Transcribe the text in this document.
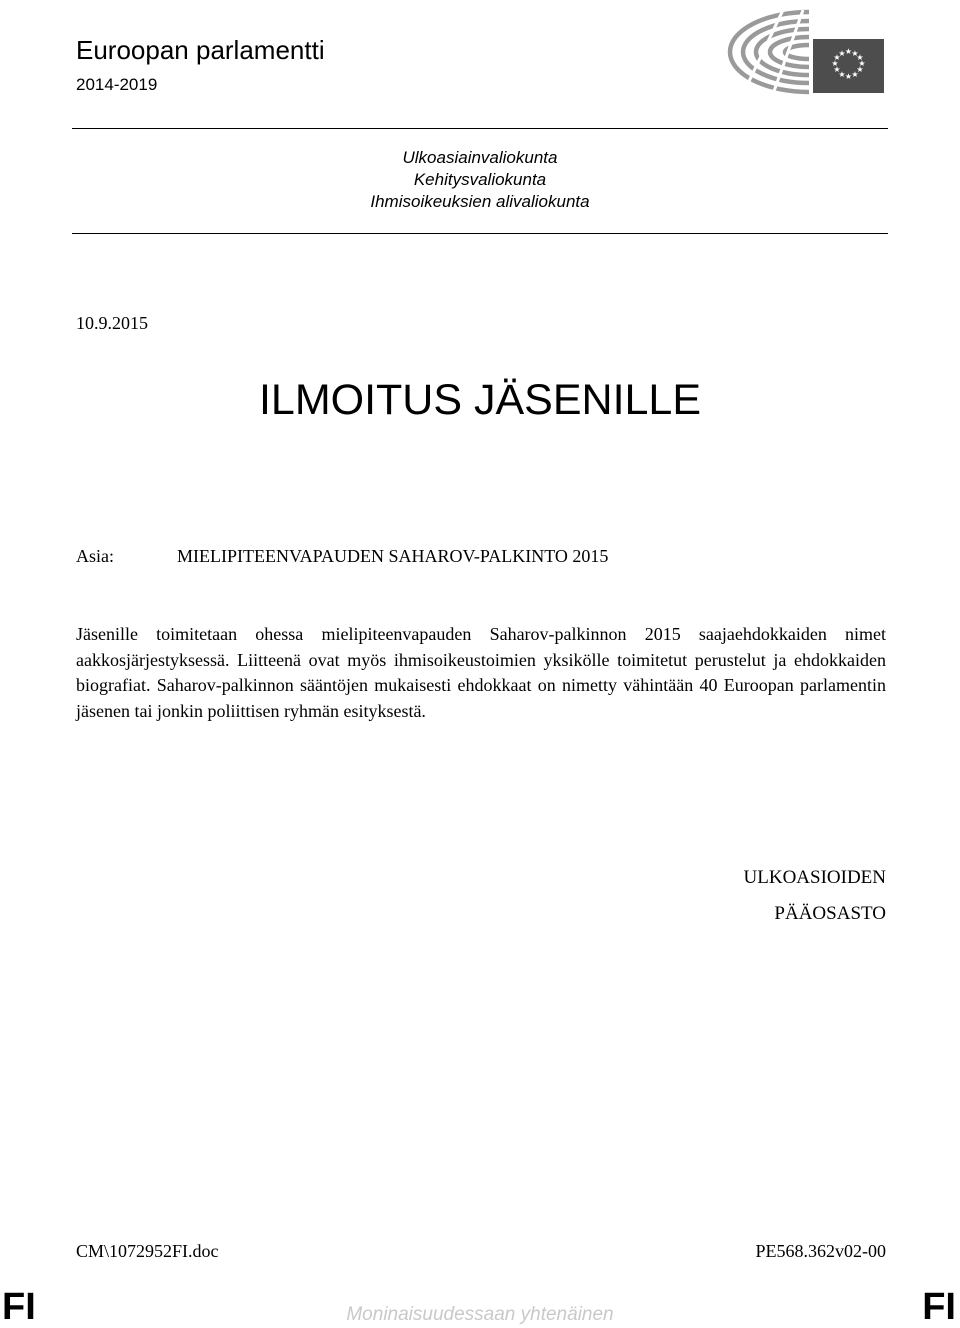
Euroopan parlamentti
2014-2019
★ ★
★
★
★
★
★
★
★
★
★
★
Ulkoasiainvaliokunta
Kehitysvaliokunta
Ihmisoikeuksien alivaliokunta
10.9.2015
ILMOITUS JÄSENILLE
Asia:	MIELIPITEENVAPAUDEN SAHAROV-PALKINTO 2015

Jäsenille toimitetaan ohessa mielipiteenvapauden Saharov-palkinnon 2015 saajaehdokkaiden nimet aakkosjärjestyksessä. Liitteenä ovat myös ihmisoikeustoimien yksikölle toimitetut perustelut ja ehdokkaiden biografiat. Saharov-palkinnon sääntöjen mukaisesti ehdokkaat on nimetty vähintään 40 Euroopan parlamentin jäsenen tai jonkin poliittisen ryhmän esityksestä.

ULKOASIOIDEN
PÄÄOSASTO
CM\1072952FI.doc	PE568.362v02-00
FI	Moninaisuudessaan yhtenäinen	FI
